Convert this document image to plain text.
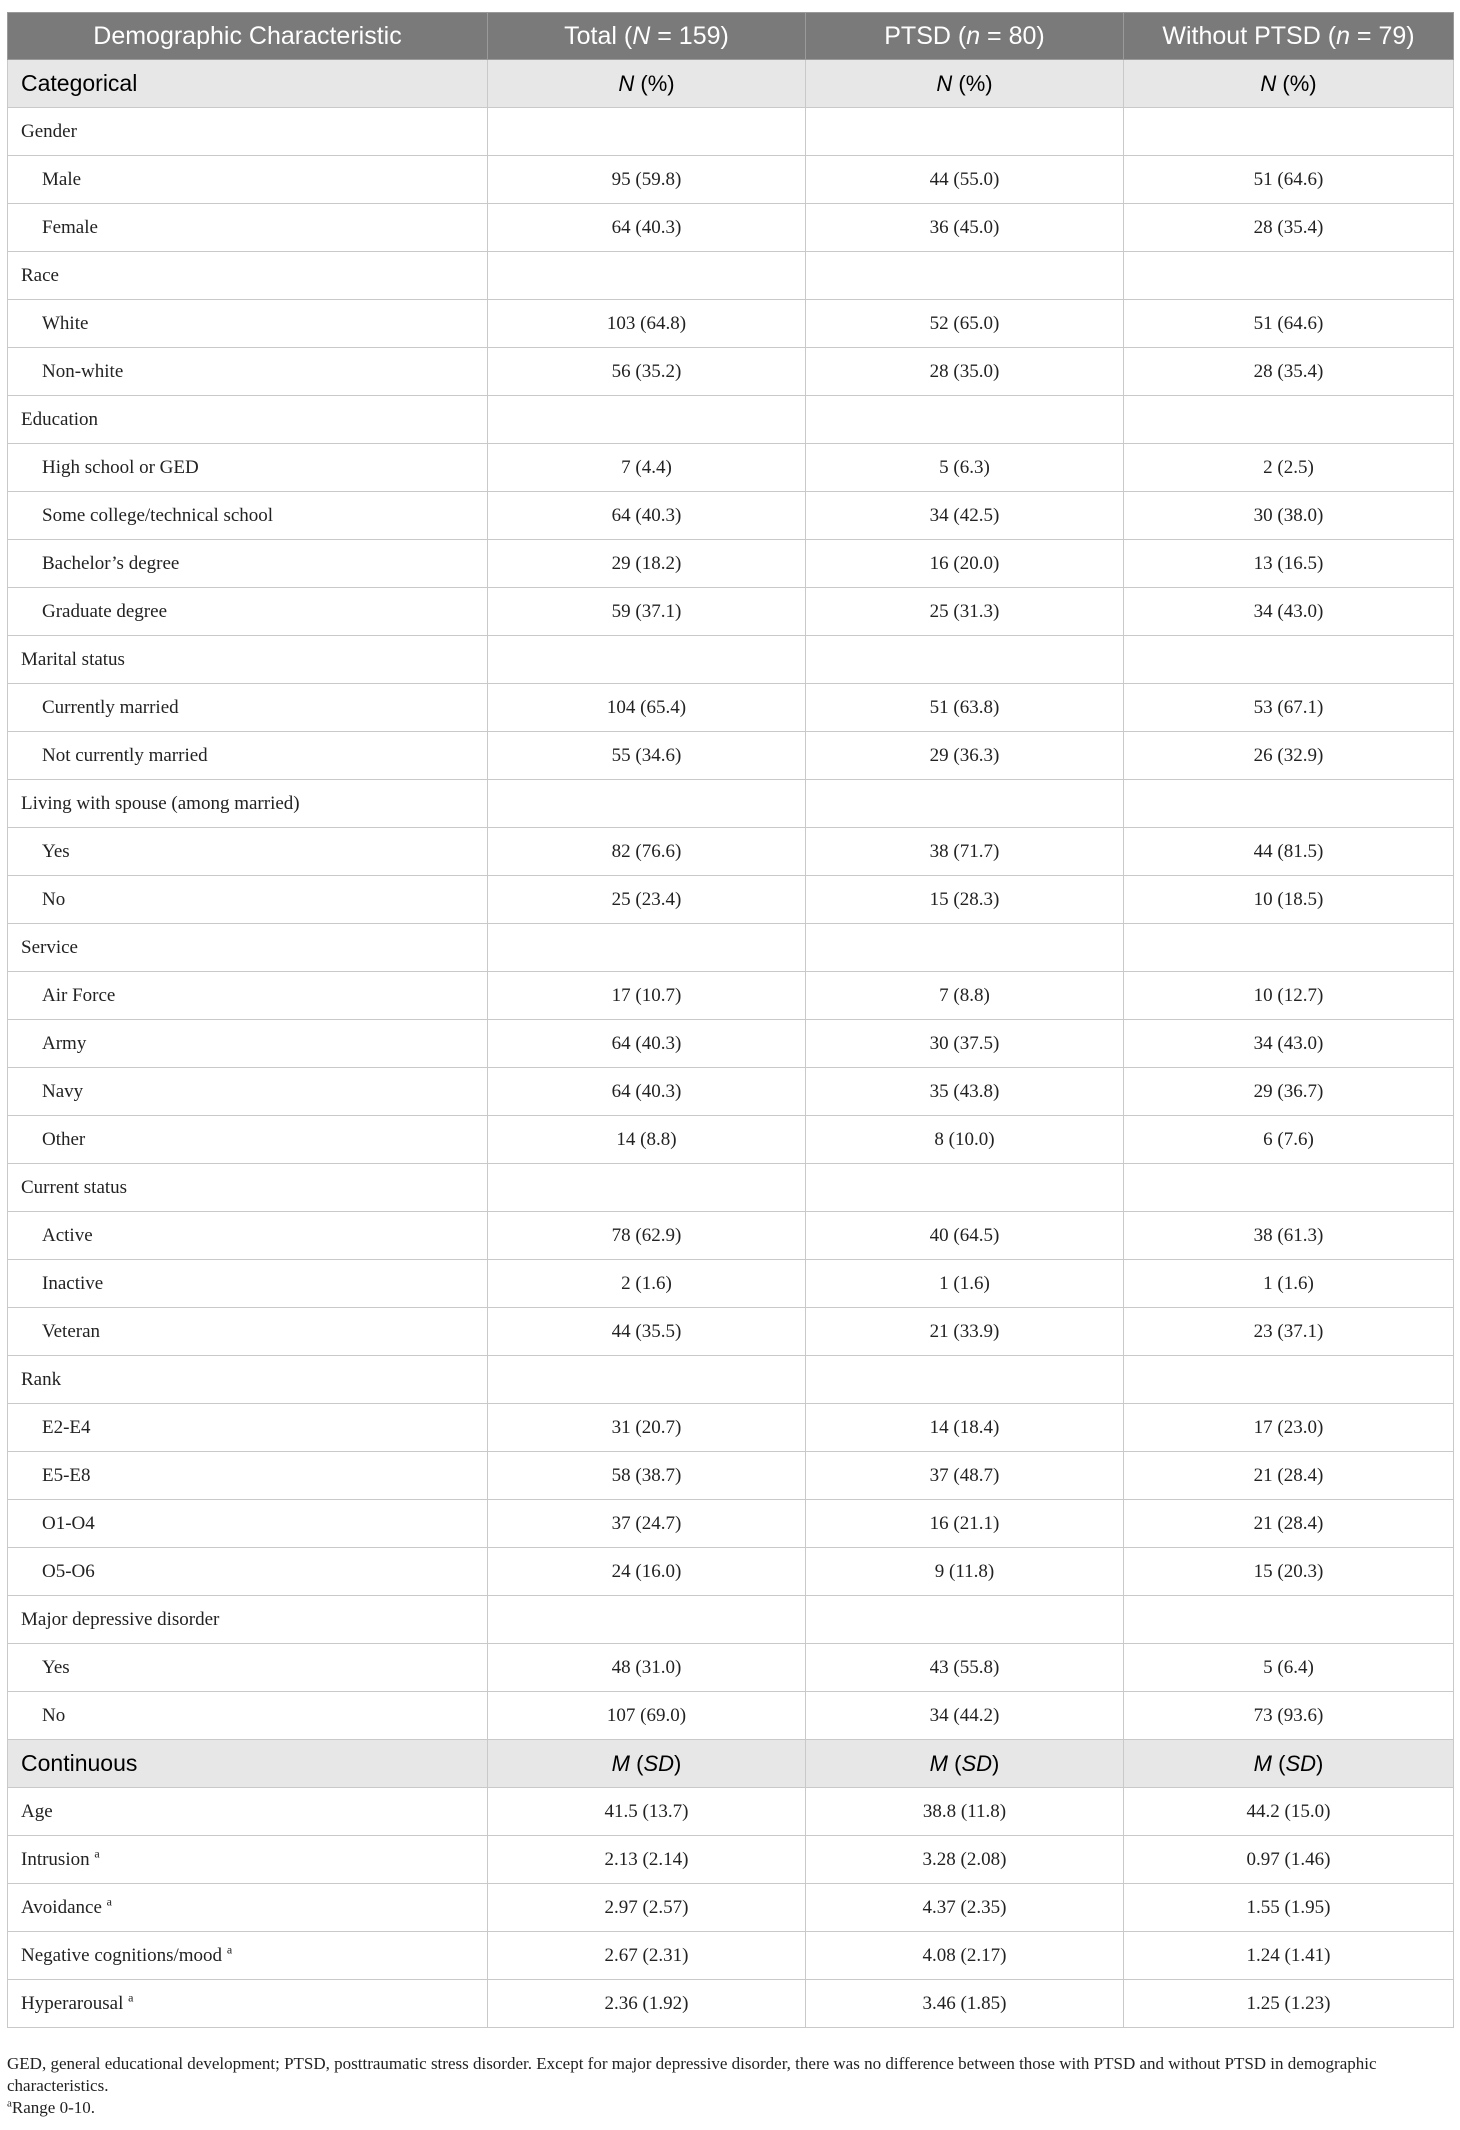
Demographic Characteristic	Total (N = 159)	PTSD (n = 80)	Without PTSD (n = 79)
Categorical	N (%)	N (%)	N (%)
Gender			
Male	95 (59.8)	44 (55.0)	51 (64.6)
Female	64 (40.3)	36 (45.0)	28 (35.4)
Race			
White	103 (64.8)	52 (65.0)	51 (64.6)
Non-white	56 (35.2)	28 (35.0)	28 (35.4)
Education			
High school or GED	7 (4.4)	5 (6.3)	2 (2.5)
Some college/technical school	64 (40.3)	34 (42.5)	30 (38.0)
Bachelor’s degree	29 (18.2)	16 (20.0)	13 (16.5)
Graduate degree	59 (37.1)	25 (31.3)	34 (43.0)
Marital status			
Currently married	104 (65.4)	51 (63.8)	53 (67.1)
Not currently married	55 (34.6)	29 (36.3)	26 (32.9)
Living with spouse (among married)			
Yes	82 (76.6)	38 (71.7)	44 (81.5)
No	25 (23.4)	15 (28.3)	10 (18.5)
Service			
Air Force	17 (10.7)	7 (8.8)	10 (12.7)
Army	64 (40.3)	30 (37.5)	34 (43.0)
Navy	64 (40.3)	35 (43.8)	29 (36.7)
Other	14 (8.8)	8 (10.0)	6 (7.6)
Current status			
Active	78 (62.9)	40 (64.5)	38 (61.3)
Inactive	2 (1.6)	1 (1.6)	1 (1.6)
Veteran	44 (35.5)	21 (33.9)	23 (37.1)
Rank			
E2-E4	31 (20.7)	14 (18.4)	17 (23.0)
E5-E8	58 (38.7)	37 (48.7)	21 (28.4)
O1-O4	37 (24.7)	16 (21.1)	21 (28.4)
O5-O6	24 (16.0)	9 (11.8)	15 (20.3)
Major depressive disorder			
Yes	48 (31.0)	43 (55.8)	5 (6.4)
No	107 (69.0)	34 (44.2)	73 (93.6)
Continuous	M (SD)	M (SD)	M (SD)
Age	41.5 (13.7)	38.8 (11.8)	44.2 (15.0)
Intrusion $^a$	2.13 (2.14)	3.28 (2.08)	0.97 (1.46)
Avoidance $^a$	2.97 (2.57)	4.37 (2.35)	1.55 (1.95)
Negative cognitions/mood $^a$	2.67 (2.31)	4.08 (2.17)	1.24 (1.41)
Hyperarousal $^a$	2.36 (1.92)	3.46 (1.85)	1.25 (1.23)

GED, general educational development; PTSD, posttraumatic stress disorder. Except for major depressive disorder, there was no difference between those with PTSD and without PTSD in demographic characteristics.

$^a$Range 0-10.
